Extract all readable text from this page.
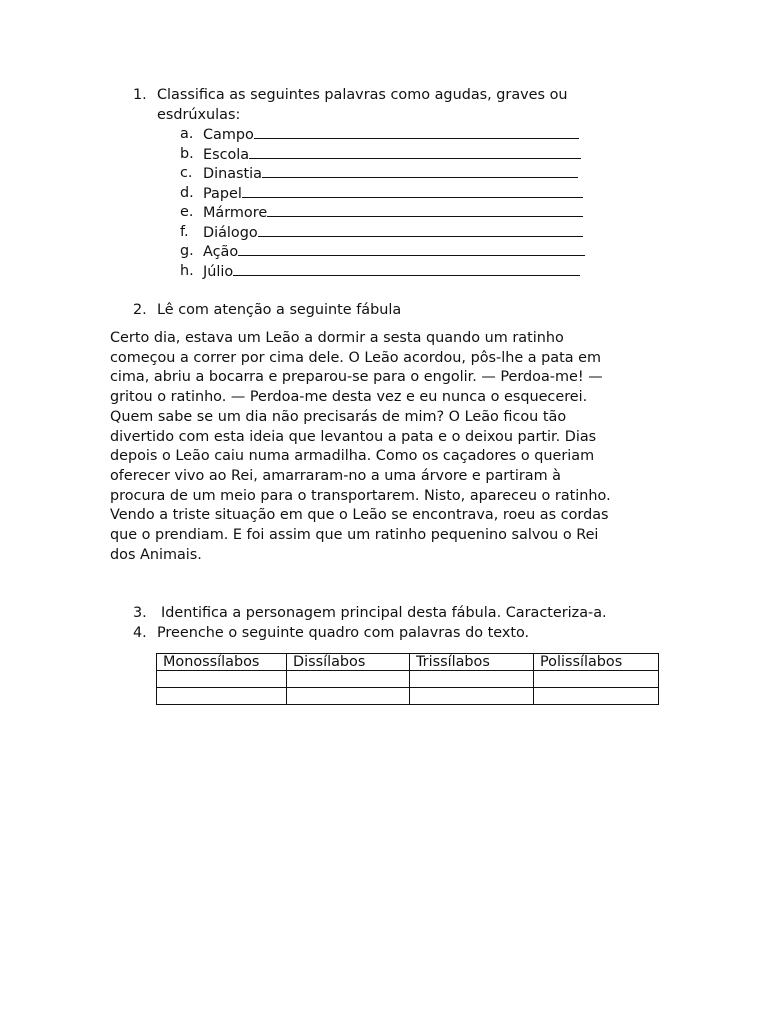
1. Classifica as seguintes palavras como agudas, graves ou
esdrúxulas:
a. Campo
b. Escola
c. Dinastia
d. Papel
e. Mármore
f. Diálogo
g. Ação
h. Júlio
2. Lê com atenção a seguinte fábula
Certo dia, estava um Leão a dormir a sesta quando um ratinho
começou a correr por cima dele. O Leão acordou, pôs-lhe a pata em
cima, abriu a bocarra e preparou-se para o engolir. — Perdoa-me! —
gritou o ratinho. — Perdoa-me desta vez e eu nunca o esquecerei.
Quem sabe se um dia não precisarás de mim? O Leão ficou tão
divertido com esta ideia que levantou a pata e o deixou partir. Dias
depois o Leão caiu numa armadilha. Como os caçadores o queriam
oferecer vivo ao Rei, amarraram-no a uma árvore e partiram à
procura de um meio para o transportarem. Nisto, apareceu o ratinho.
Vendo a triste situação em que o Leão se encontrava, roeu as cordas
que o prendiam. E foi assim que um ratinho pequenino salvou o Rei
dos Animais.
3. Identifica a personagem principal desta fábula. Caracteriza-a.
4. Preenche o seguinte quadro com palavras do texto.
Monossílabos	Dissílabos	Trissílabos	Polissílabos
